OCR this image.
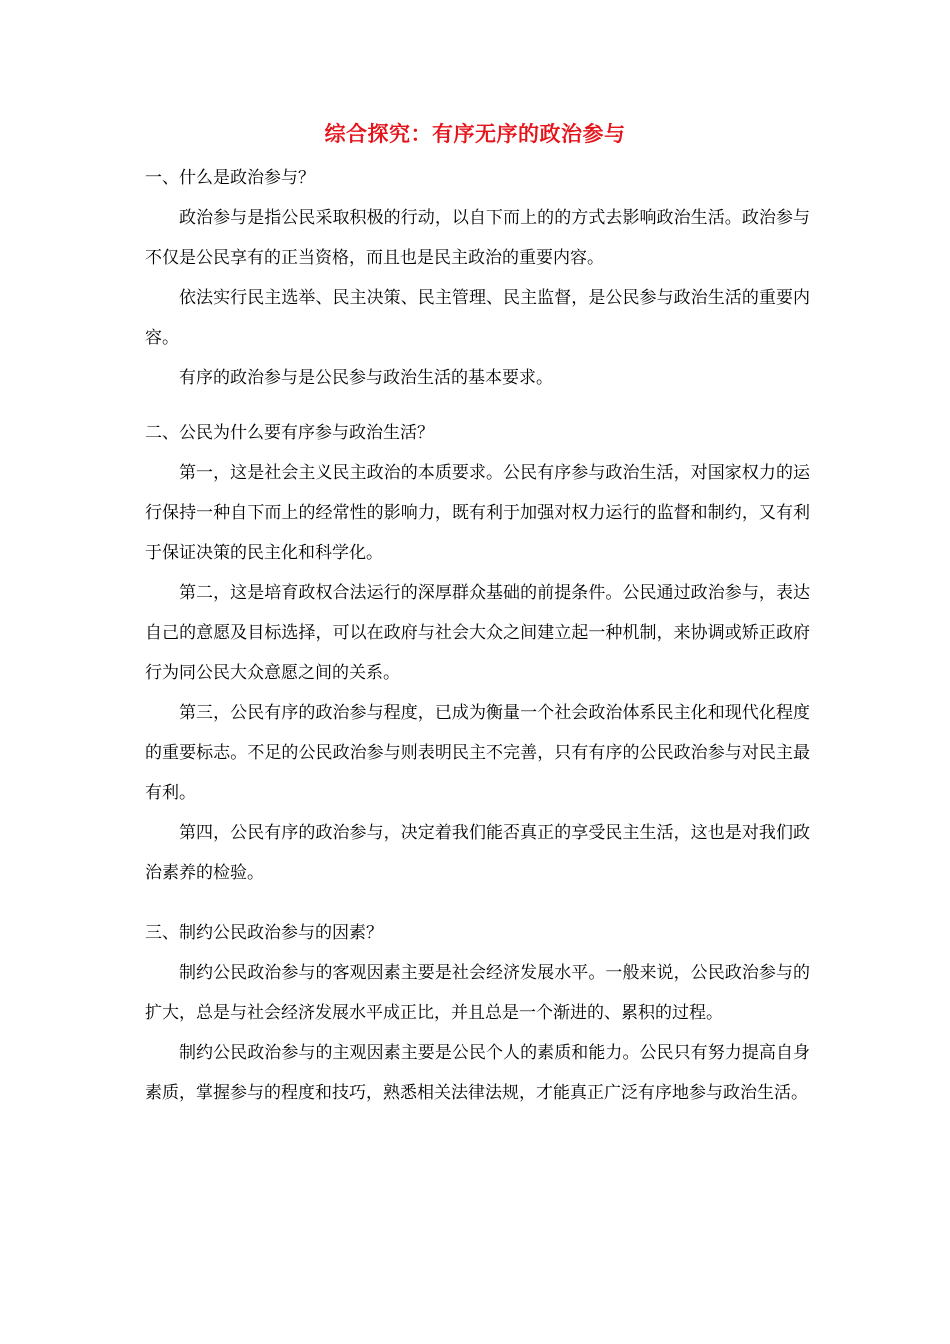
综合探究：有序无序的政治参与

一、什么是政治参与？

政治参与是指公民采取积极的行动，以自下而上的的方式去影响政治生活。政治参与不仅是公民享有的正当资格，而且也是民主政治的重要内容。

依法实行民主选举、民主决策、民主管理、民主监督，是公民参与政治生活的重要内容。

有序的政治参与是公民参与政治生活的基本要求。

二、公民为什么要有序参与政治生活？

第一，这是社会主义民主政治的本质要求。公民有序参与政治生活，对国家权力的运行保持一种自下而上的经常性的影响力，既有利于加强对权力运行的监督和制约，又有利于保证决策的民主化和科学化。

第二，这是培育政权合法运行的深厚群众基础的前提条件。公民通过政治参与，表达自己的意愿及目标选择，可以在政府与社会大众之间建立起一种机制，来协调或矫正政府行为同公民大众意愿之间的关系。

第三，公民有序的政治参与程度，已成为衡量一个社会政治体系民主化和现代化程度的重要标志。不足的公民政治参与则表明民主不完善，只有有序的公民政治参与对民主最有利。

第四，公民有序的政治参与，决定着我们能否真正的享受民主生活，这也是对我们政治素养的检验。

三、制约公民政治参与的因素？

制约公民政治参与的客观因素主要是社会经济发展水平。一般来说，公民政治参与的扩大，总是与社会经济发展水平成正比，并且总是一个渐进的、累积的过程。

制约公民政治参与的主观因素主要是公民个人的素质和能力。公民只有努力提高自身素质，掌握参与的程度和技巧，熟悉相关法律法规，才能真正广泛有序地参与政治生活。
